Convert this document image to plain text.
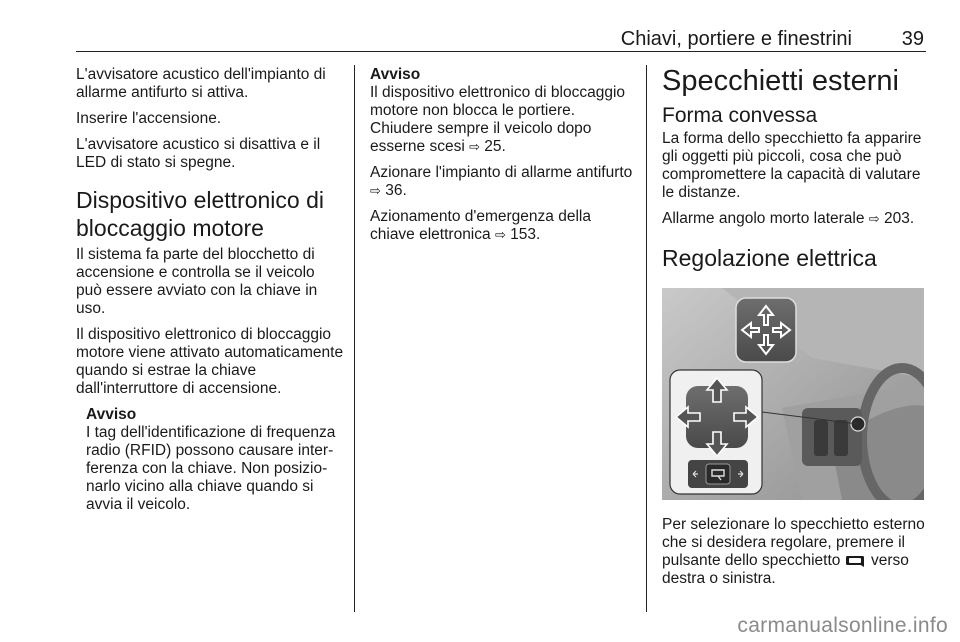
Chiavi, portiere e finestrini 39

L'avvisatore acustico dell'impianto di allarme antifurto si attiva.

Inserire l'accensione.

L'avvisatore acustico si disattiva e il LED di stato si spegne.

Dispositivo elettronico di bloccaggio motore

Il sistema fa parte del blocchetto di accensione e controlla se il veicolo può essere avviato con la chiave in uso.

Il dispositivo elettronico di bloccaggio motore viene attivato automaticamente quando si estrae la chiave dall'interruttore di accensione.

Avviso
I tag dell'identificazione di frequenza radio (RFID) possono causare interferenza con la chiave. Non posizionarlo vicino alla chiave quando si avvia il veicolo.
Avviso
Il dispositivo elettronico di bloccaggio motore non blocca le portiere. Chiudere sempre il veicolo dopo esserne scesi ⇨ 25.
Azionare l'impianto di allarme antifurto ⇨ 36.

Azionamento d'emergenza della chiave elettronica ⇨ 153.

Specchietti esterni
Forma convessa

La forma dello specchietto fa apparire gli oggetti più piccoli, cosa che può compromettere la capacità di valutare le distanze.

Allarme angolo morto laterale ⇨ 203.

Regolazione elettrica

Per selezionare lo specchietto esterno che si desidera regolare, premere il pulsante dello specchietto verso destra o sinistra.

carmanualsonline.info
